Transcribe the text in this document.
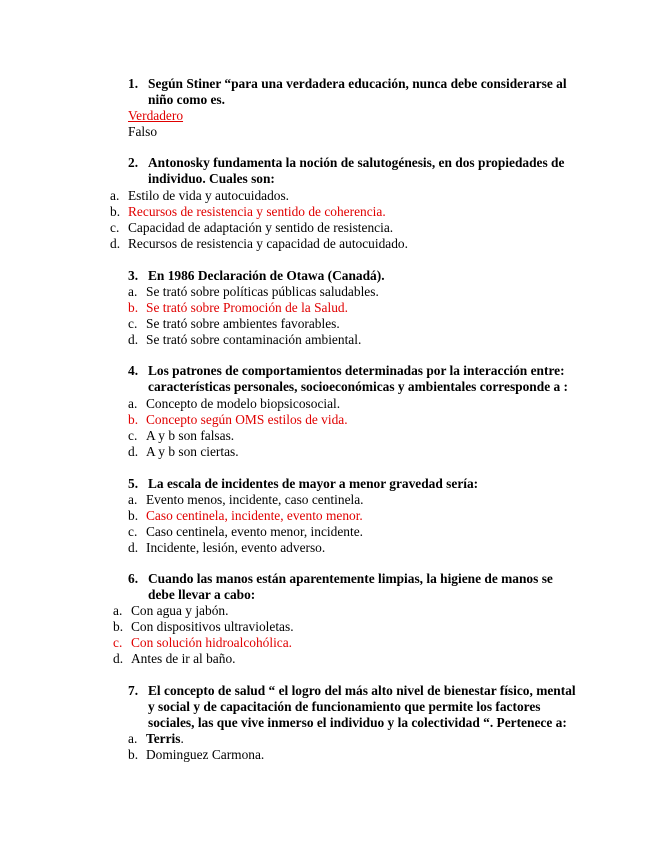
1. Según Stiner “para una verdadera educación, nunca debe considerarse al niño como es.
Verdadero
Falso
2. Antonosky fundamenta la noción de salutogénesis, en dos propiedades de individuo. Cuales son:
a. Estilo de vida y autocuidados.
b. Recursos de resistencia y sentido de coherencia.
c. Capacidad de adaptación y sentido de resistencia.
d. Recursos de resistencia y capacidad de autocuidado.
3. En 1986 Declaración de Otawa (Canadá).
a. Se trató sobre políticas públicas saludables.
b. Se trató sobre Promoción de la Salud.
c. Se trató sobre ambientes favorables.
d. Se trató sobre contaminación ambiental.
4. Los patrones de comportamientos determinadas por la interacción entre: características personales, socioeconómicas y ambientales corresponde a :
a. Concepto de modelo biopsicosocial.
b. Concepto según OMS estilos de vida.
c. A y b son falsas.
d. A y b son ciertas.
5. La escala de incidentes de mayor a menor gravedad sería:
a. Evento menos, incidente, caso centinela.
b. Caso centinela, incidente, evento menor.
c. Caso centinela, evento menor, incidente.
d. Incidente, lesión, evento adverso.
6. Cuando las manos están aparentemente limpias, la higiene de manos se debe llevar a cabo:
a. Con agua y jabón.
b. Con dispositivos ultravioletas.
c. Con solución hidroalcohólica.
d. Antes de ir al baño.
7. El concepto de salud “ el logro del más alto nivel de bienestar físico, mental y social y de capacitación de funcionamiento que permite los factores sociales, las que vive inmerso el individuo y la colectividad “. Pertenece a:
a. Terris.
b. Dominguez Carmona.
